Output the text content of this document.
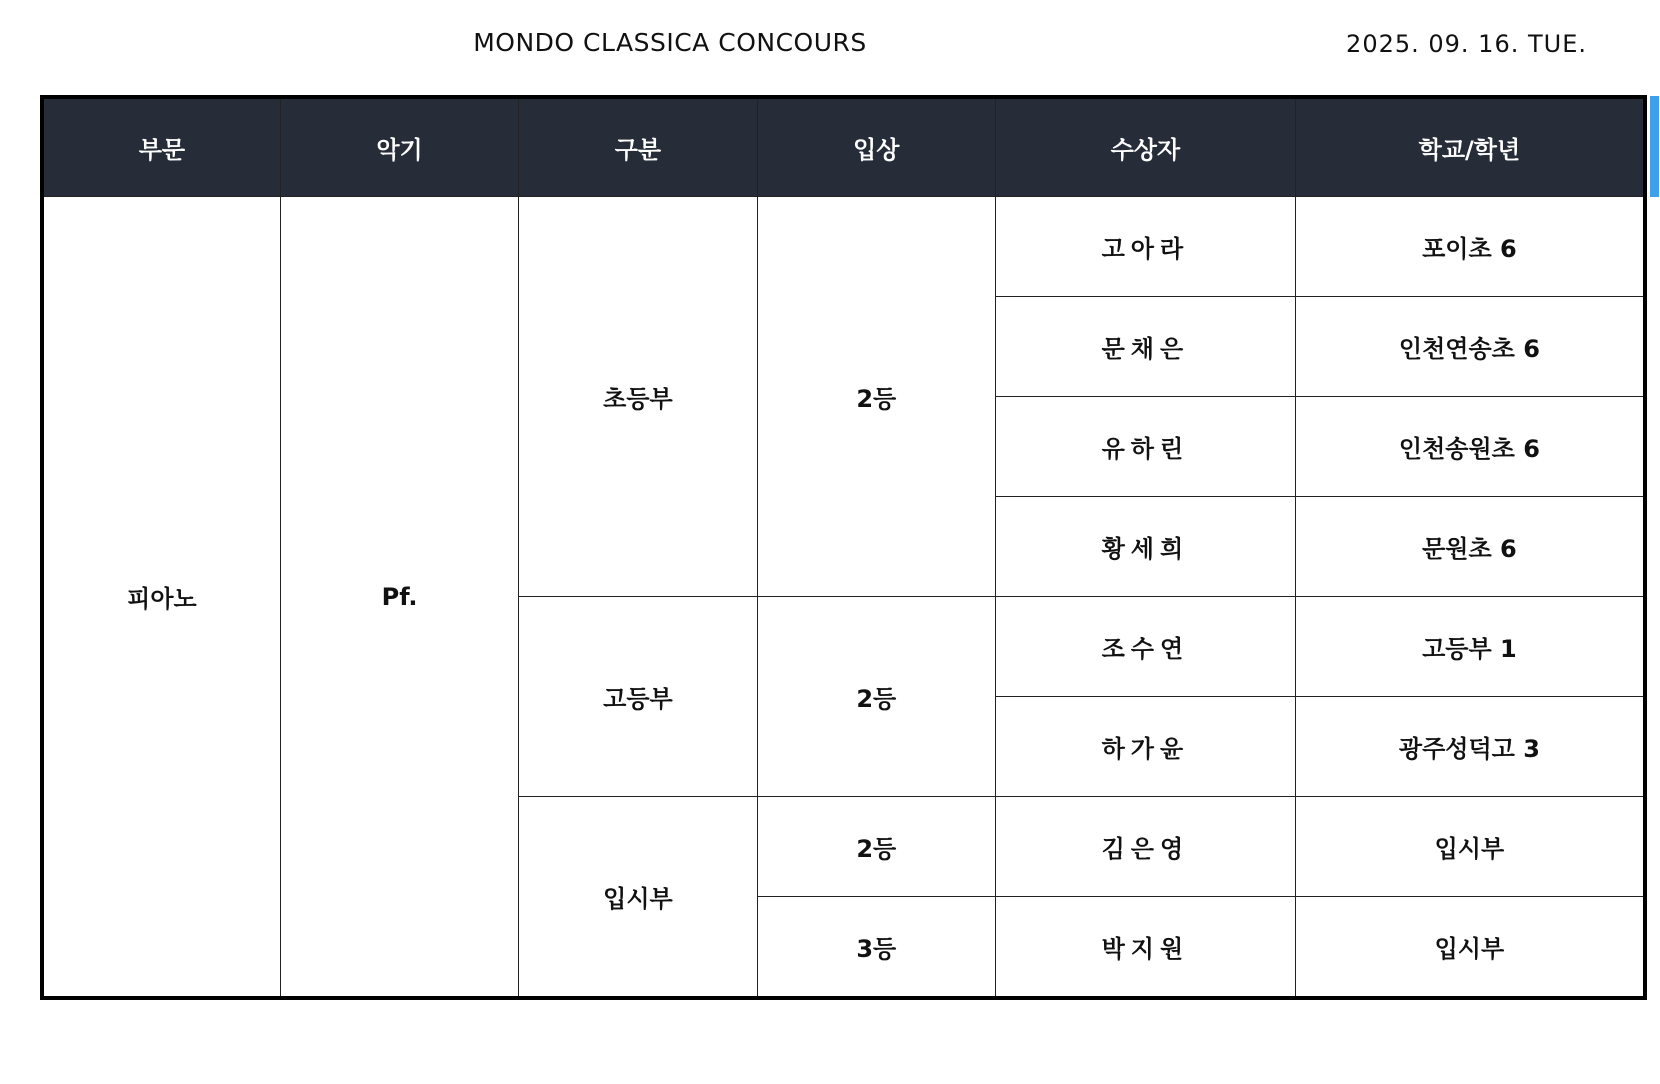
MONDO CLASSICA CONCOURS	2025. 09. 16. TUE.
부문	악기	구분	입상	수상자	학교/학년
피아노	Pf.	초등부	2등	고아라	포이초 6
				문채은	인천연송초 6
				유하린	인천송원초 6
				황세희	문원초 6
		고등부	2등	조수연	고등부 1
				하가윤	광주성덕고 3
		입시부	2등	김은영	입시부
			3등	박지원	입시부
